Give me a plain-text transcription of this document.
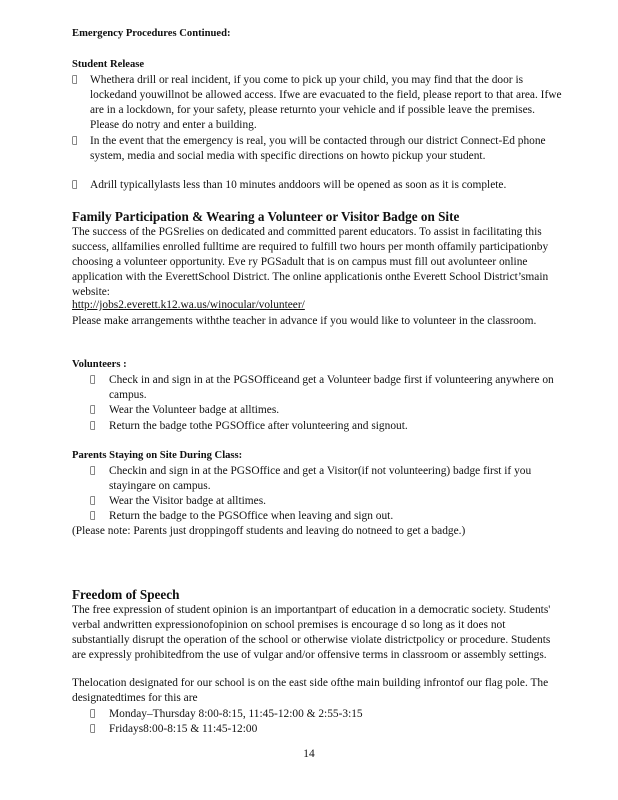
Emergency Procedures Continued:
Student Release
Whethera drill or real incident, if you come to pick up your child, you may find that the door is lockedand youwillnot be allowed access. Ifwe are evacuated to the field, please report to that area. Ifwe are in a lockdown, for your safety, please returnto your vehicle and if possible leave the premises. Please do notry and enter a building.
In the event that the emergency is real, you will be contacted through our district Connect-Ed phone system, media and social media with specific directions on howto pickup your student.
Adrill typicallylasts less than 10 minutes anddoors will be opened as soon as it is complete.
Family Participation & Wearing a Volunteer or Visitor Badge on Site
The success of the PGSrelies on dedicated and committed parent educators. To assist in facilitating this success, allfamilies enrolled fulltime are required to fulfill two hours per month offamily participationby choosing a volunteer opportunity. Eve ry PGSadult that is on campus must fill out avolunteer online application with the EverettSchool District. The online applicationis onthe Everett School District’smain website:
http://jobs2.everett.k12.wa.us/winocular/volunteer/
Please make arrangements withthe teacher in advance if you would like to volunteer in the classroom.
Volunteers :
Check in and sign in at the PGSOfficeand get a Volunteer badge first if volunteering anywhere on campus.
Wear the Volunteer badge at alltimes.
Return the badge tothe PGSOffice after volunteering and signout.
Parents Staying on Site During Class:
Checkin and sign in at the PGSOffice and get a Visitor(if not volunteering) badge first if you stayingare on campus.
Wear the Visitor badge at alltimes.
Return the badge to the PGSOffice when leaving and sign out.
(Please note: Parents just droppingoff students and leaving do notneed to get a badge.)
Freedom of Speech
The free expression of student opinion is an importantpart of education in a democratic society. Students' verbal andwritten expressionofopinion on school premises is encourage d so long as it does not substantially disrupt the operation of the school or otherwise violate districtpolicy or procedure. Students are expressly prohibitedfrom the use of vulgar and/or offensive terms in classroom or assembly settings.
Thelocation designated for our school is on the east side ofthe main building infrontof our flag pole. The designatedtimes for this are
Monday–Thursday 8:00-8:15, 11:45-12:00 & 2:55-3:15
Fridays8:00-8:15 & 11:45-12:00
14
